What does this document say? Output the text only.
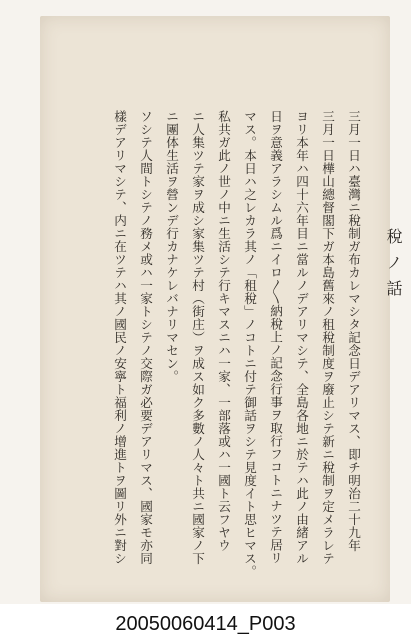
稅ノ話
三月一日ハ臺灣ニ稅制ガ布カレマシタ記念日デアリマス、即チ明治二十九年
三月一日樺山總督閣下ガ本島舊來ノ租稅制度ヲ廢止シテ新ニ稅制ヲ定メラレテ
ヨリ本年ハ四十六年目ニ當ルノデアリマシテ、全島各地ニ於テハ此ノ由緒アル
日ヲ意義アラシムル爲ニイロ〳〵納稅上ノ記念行事ヲ取行フコトニナツテ居リ
マス。本日ハ之レカラ其ノ「租稅」ノコトニ付テ御話ヲシテ見度イト思ヒマス。
私共ガ此ノ世ノ中ニ生活シテ行キマスニハ一家、一部落或ハ一國ト云フヤウ
ニ人集ツテ家ヲ成シ家集ツテ村（街庄）ヲ成ス如ク多數ノ人々ト共ニ國家ノ下
ニ團体生活ヲ營ンデ行カナケレバナリマセン。
ソシテ人間トシテノ務メ或ハ一家トシテノ交際ガ必要デアリマス、國家モ亦同
樣デアリマシテ、内ニ在ツテハ其ノ國民ノ安寧ト福利ノ增進トヲ圖リ外ニ對シ
20050060414_P003
